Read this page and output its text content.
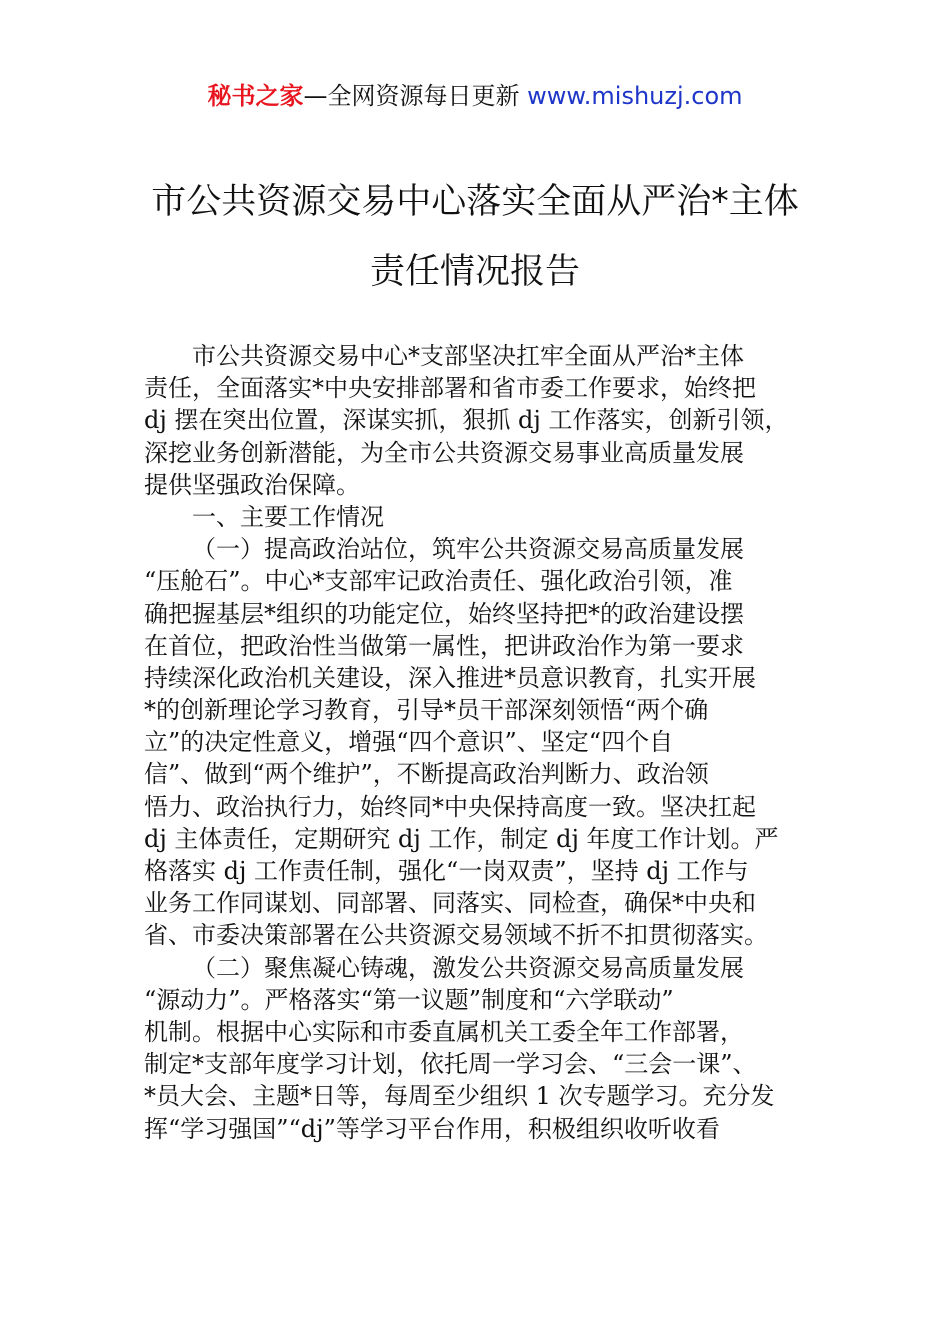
秘书之家—全网资源每日更新 www.mishuzj.com
市公共资源交易中心落实全面从严治*主体
责任情况报告
市公共资源交易中心*支部坚决扛牢全面从严治*主体
责任，全面落实*中央安排部署和省市委工作要求，始终把
dj 摆在突出位置，深谋实抓，狠抓 dj 工作落实，创新引领，
深挖业务创新潜能，为全市公共资源交易事业高质量发展
提供坚强政治保障。
一、主要工作情况
（一）提高政治站位，筑牢公共资源交易高质量发展
“压舱石”。中心*支部牢记政治责任、强化政治引领，准
确把握基层*组织的功能定位，始终坚持把*的政治建设摆
在首位，把政治性当做第一属性，把讲政治作为第一要求
持续深化政治机关建设，深入推进*员意识教育，扎实开展
*的创新理论学习教育，引导*员干部深刻领悟“两个确
立”的决定性意义，增强“四个意识”、坚定“四个自
信”、做到“两个维护”，不断提高政治判断力、政治领
悟力、政治执行力，始终同*中央保持高度一致。坚决扛起
dj 主体责任，定期研究 dj 工作，制定 dj 年度工作计划。严
格落实 dj 工作责任制，强化“一岗双责”，坚持 dj 工作与
业务工作同谋划、同部署、同落实、同检查，确保*中央和
省、市委决策部署在公共资源交易领域不折不扣贯彻落实。
（二）聚焦凝心铸魂，激发公共资源交易高质量发展
“源动力”。严格落实“第一议题”制度和“六学联动”
机制。根据中心实际和市委直属机关工委全年工作部署，
制定*支部年度学习计划，依托周一学习会、“三会一课”、
*员大会、主题*日等，每周至少组织 1 次专题学习。充分发
挥“学习强国”“dj”等学习平台作用，积极组织收听收看
